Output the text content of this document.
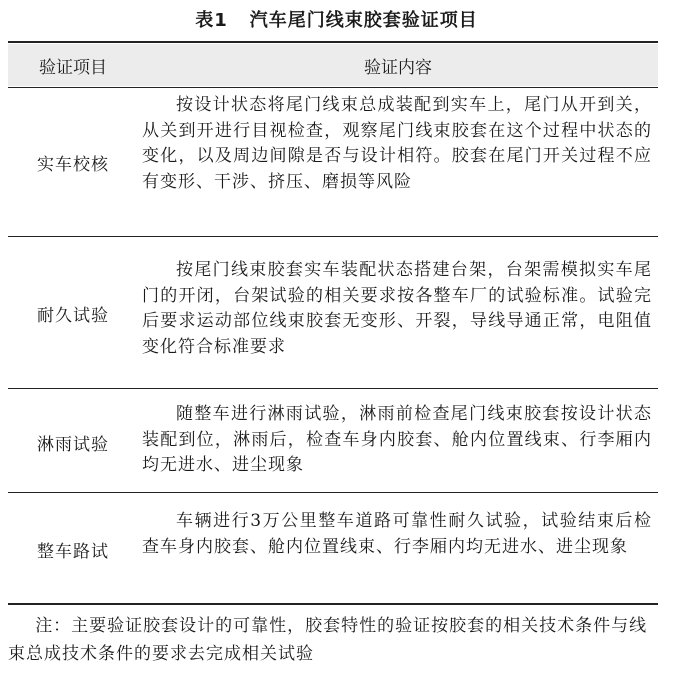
表1 汽车尾门线束胶套验证项目
验证项目	验证内容
实车校核

按设计状态将尾门线束总成装配到实车上，尾门从开到关，从关到开进行目视检查，观察尾门线束胶套在这个过程中状态的变化，以及周边间隙是否与设计相符。胶套在尾门开关过程不应有变形、干涉、挤压、磨损等风险

耐久试验

按尾门线束胶套实车装配状态搭建台架，台架需模拟实车尾门的开闭，台架试验的相关要求按各整车厂的试验标准。试验完后要求运动部位线束胶套无变形、开裂，导线导通正常，电阻值变化符合标准要求

淋雨试验

随整车进行淋雨试验，淋雨前检查尾门线束胶套按设计状态装配到位，淋雨后，检查车身内胶套、舱内位置线束、行李厢内均无进水、进尘现象

整车路试

车辆进行3万公里整车道路可靠性耐久试验，试验结束后检查车身内胶套、舱内位置线束、行李厢内均无进水、进尘现象

注：主要验证胶套设计的可靠性，胶套特性的验证按胶套的相关技术条件与线束总成技术条件的要求去完成相关试验
